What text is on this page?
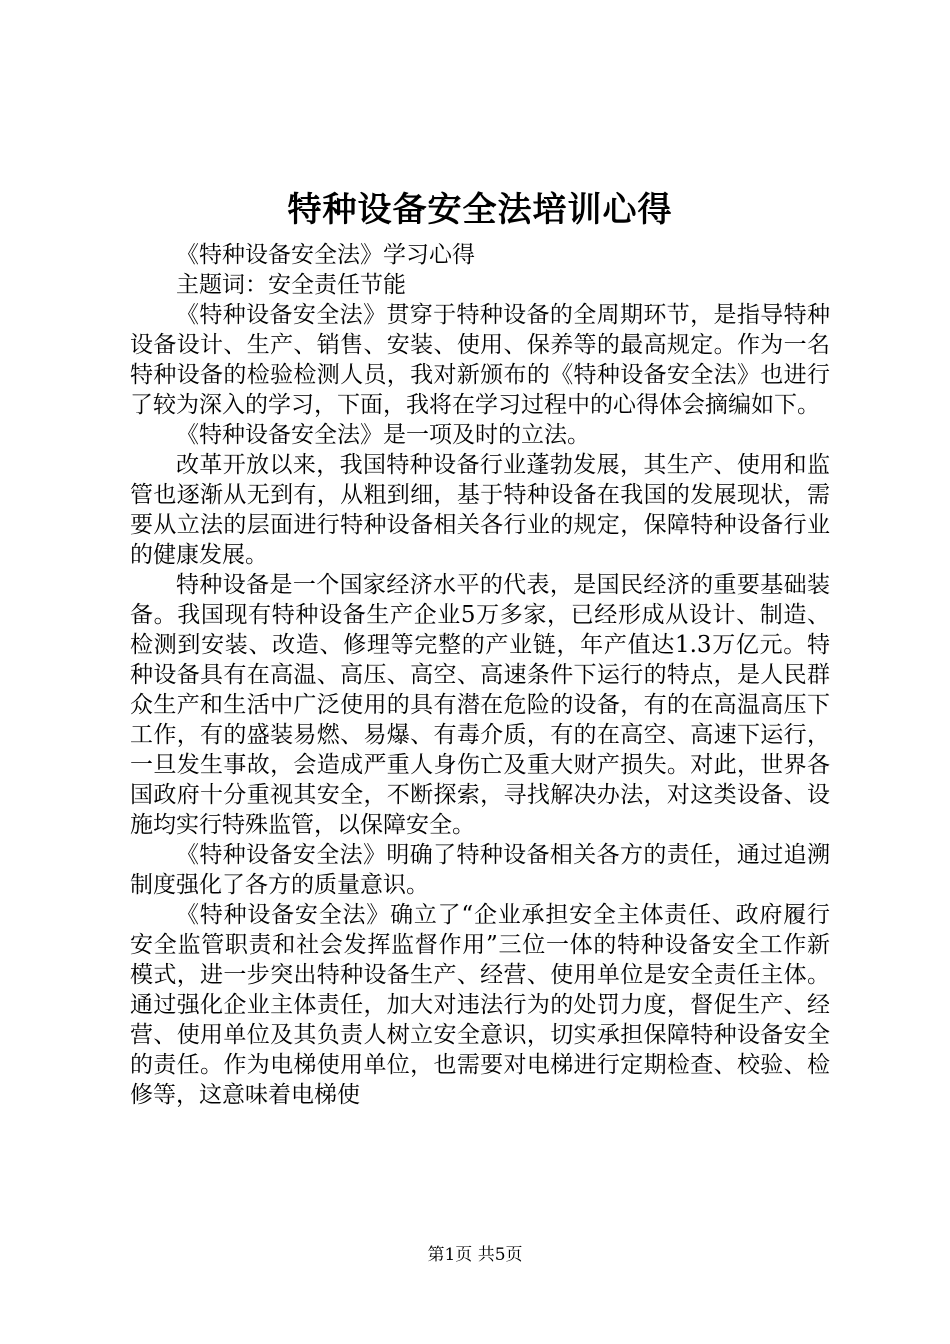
特种设备安全法培训心得

《特种设备安全法》学习心得

主题词：安全责任节能

《特种设备安全法》贯穿于特种设备的全周期环节，是指导特种设备设计、生产、销售、安装、使用、保养等的最高规定。作为一名特种设备的检验检测人员，我对新颁布的《特种设备安全法》也进行了较为深入的学习，下面，我将在学习过程中的心得体会摘编如下。

《特种设备安全法》是一项及时的立法。

改革开放以来，我国特种设备行业蓬勃发展，其生产、使用和监管也逐渐从无到有，从粗到细，基于特种设备在我国的发展现状，需要从立法的层面进行特种设备相关各行业的规定，保障特种设备行业的健康发展。

特种设备是一个国家经济水平的代表，是国民经济的重要基础装备。我国现有特种设备生产企业5万多家，已经形成从设计、制造、检测到安装、改造、修理等完整的产业链，年产值达1.3万亿元。特种设备具有在高温、高压、高空、高速条件下运行的特点，是人民群众生产和生活中广泛使用的具有潜在危险的设备，有的在高温高压下工作，有的盛装易燃、易爆、有毒介质，有的在高空、高速下运行，一旦发生事故，会造成严重人身伤亡及重大财产损失。对此，世界各国政府十分重视其安全，不断探索，寻找解决办法，对这类设备、设施均实行特殊监管，以保障安全。

《特种设备安全法》明确了特种设备相关各方的责任，通过追溯制度强化了各方的质量意识。

《特种设备安全法》确立了“企业承担安全主体责任、政府履行安全监管职责和社会发挥监督作用”三位一体的特种设备安全工作新模式，进一步突出特种设备生产、经营、使用单位是安全责任主体。通过强化企业主体责任，加大对违法行为的处罚力度，督促生产、经营、使用单位及其负责人树立安全意识，切实承担保障特种设备安全的责任。作为电梯使用单位，也需要对电梯进行定期检查、校验、检修等，这意味着电梯使

第1页 共5页
